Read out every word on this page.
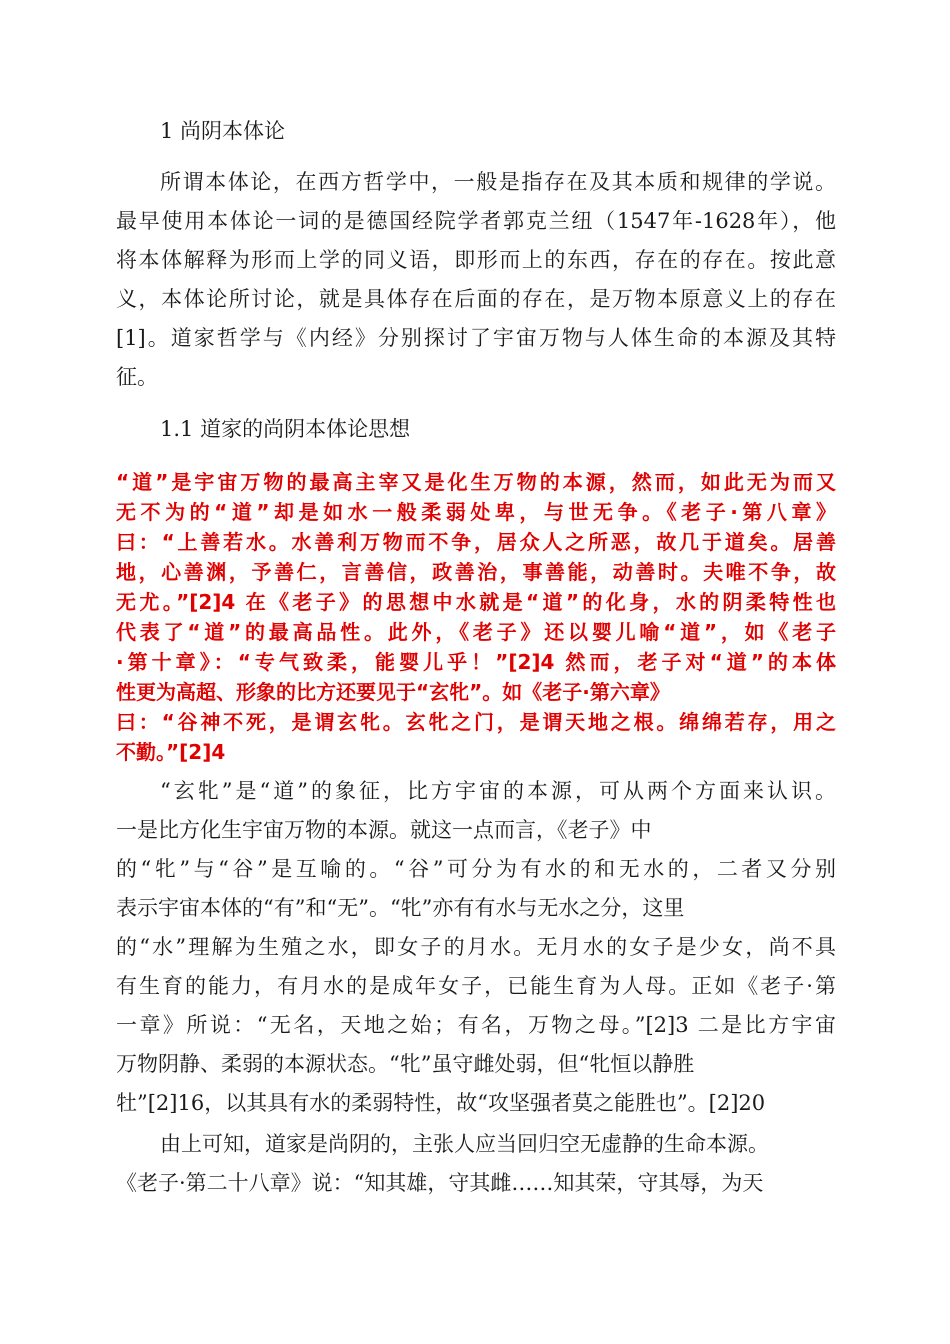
1 尚阴本体论
所谓本体论，在西方哲学中，一般是指存在及其本质和规律的学说。
最早使用本体论一词的是德国经院学者郭克兰纽（1547年-1628年），他
将本体解释为形而上学的同义语，即形而上的东西，存在的存在。按此意
义，本体论所讨论，就是具体存在后面的存在，是万物本原意义上的存在
[1]。道家哲学与《内经》分别探讨了宇宙万物与人体生命的本源及其特
征。
1.1 道家的尚阴本体论思想
“道”是宇宙万物的最高主宰又是化生万物的本源，然而，如此无为而又
无不为的“道”却是如水一般柔弱处卑，与世无争。《老子·第八章》
曰：“上善若水。水善利万物而不争，居众人之所恶，故几于道矣。居善
地，心善渊，予善仁，言善信，政善治，事善能，动善时。夫唯不争，故
无尤。”[2]4 在《老子》的思想中水就是“道”的化身，水的阴柔特性也
代表了“道”的最高品性。此外，《老子》还以婴儿喻“道”，如《老子
·第十章》：“专气致柔，能婴儿乎！”[2]4 然而，老子对“道”的本体
性更为高超、形象的比方还要见于“玄牝”。如《老子·第六章》
曰：“谷神不死，是谓玄牝。玄牝之门，是谓天地之根。绵绵若存，用之
不勤。”[2]4
“玄牝”是“道”的象征，比方宇宙的本源，可从两个方面来认识。
一是比方化生宇宙万物的本源。就这一点而言，《老子》中
的“牝”与“谷”是互喻的。“谷”可分为有水的和无水的，二者又分别
表示宇宙本体的“有”和“无”。“牝”亦有有水与无水之分，这里
的“水”理解为生殖之水，即女子的月水。无月水的女子是少女，尚不具
有生育的能力，有月水的是成年女子，已能生育为人母。正如《老子·第
一章》所说：“无名，天地之始；有名，万物之母。”[2]3 二是比方宇宙
万物阴静、柔弱的本源状态。“牝”虽守雌处弱，但“牝恒以静胜
牡”[2]16，以其具有水的柔弱特性，故“攻坚强者莫之能胜也”。[2]20
由上可知，道家是尚阴的，主张人应当回归空无虚静的生命本源。
《老子·第二十八章》说：“知其雄，守其雌……知其荣，守其辱，为天
